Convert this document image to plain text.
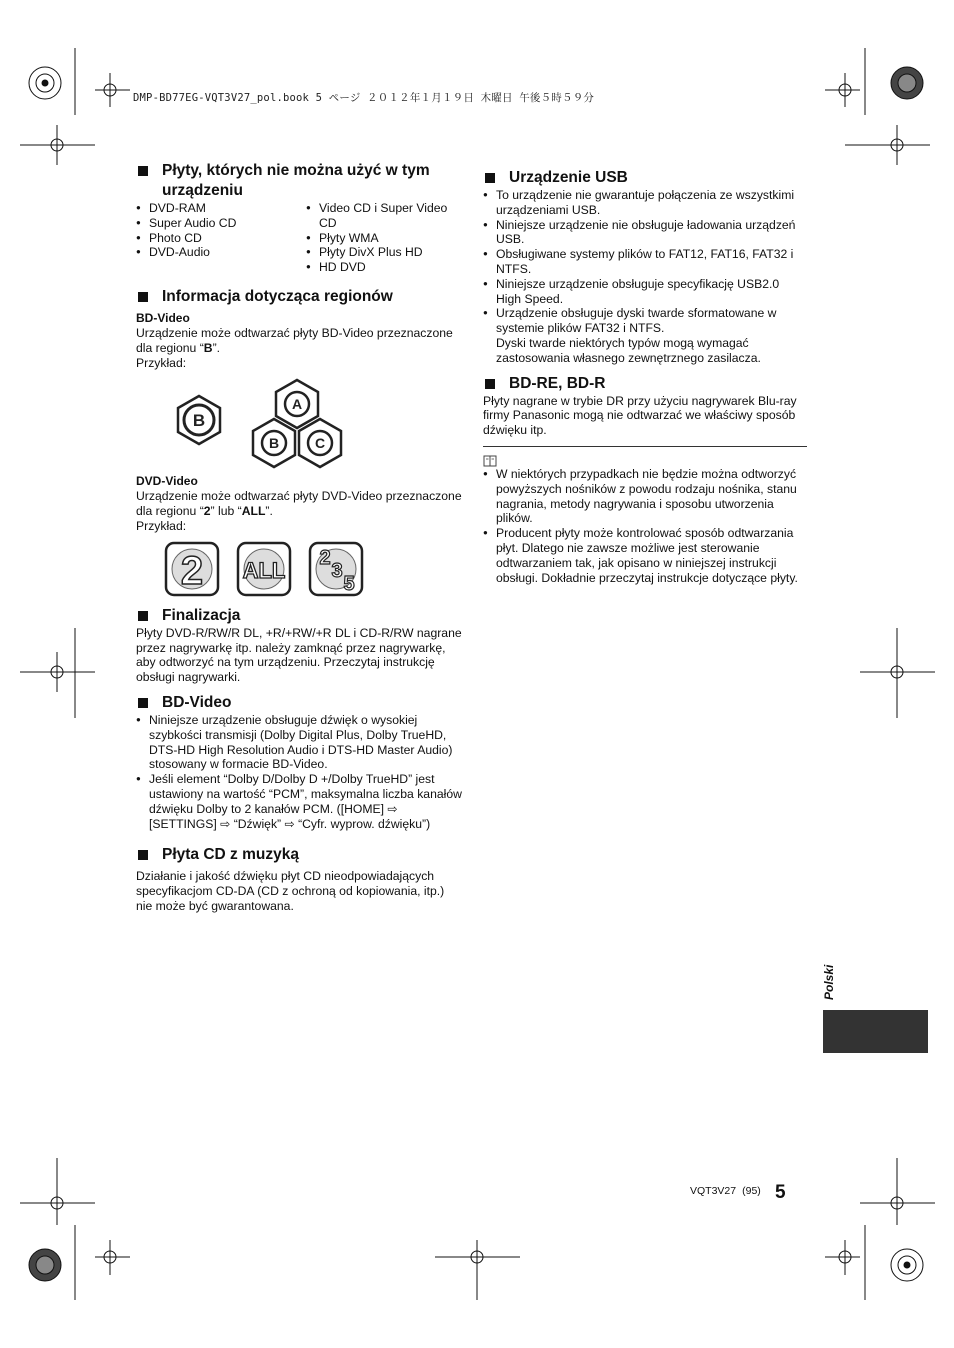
DMP-BD77EG-VQT3V27_pol.book 5 ページ ２０１２年１月１９日 木曜日 午後５時５９分
Płyty, których nie można użyć w tym urządzeniu
● DVD-RAM
● Super Audio CD
● Photo CD
● DVD-Audio
● Video CD i Super Video CD
● Płyty WMA
● Płyty DivX Plus HD
● HD DVD
Informacja dotycząca regionów

BD-Video

Urządzenie może odtwarzać płyty BD-Video przeznaczone dla regionu “B”.

Przykład:

B
A
B	C

DVD-Video

Urządzenie może odtwarzać płyty DVD-Video przeznaczone dla regionu “2” lub “ALL”.

Przykład:

2 ALL 2
3
5
Finalizacja

Płyty DVD-R/RW/R DL, +R/+RW/+R DL i CD-R/RW nagrane przez nagrywarkę itp. należy zamknąć przez nagrywarkę, aby odtworzyć na tym urządzeniu. Przeczytaj instrukcję obsługi nagrywarki.

BD-Video
● Niniejsze urządzenie obsługuje dźwięk o wysokiej szybkości transmisji (Dolby Digital Plus, Dolby TrueHD, DTS-HD High Resolution Audio i DTS-HD Master Audio) stosowany w formacie BD-Video.
● Jeśli element “Dolby D/Dolby D +/Dolby TrueHD” jest ustawiony na wartość “PCM”, maksymalna liczba kanałów dźwięku Dolby to 2 kanałów PCM. ([HOME] ⇨ [SETTINGS] ⇨ “Dźwięk” ⇨ “Cyfr. wyprow. dźwięku”)
Płyta CD z muzyką

Działanie i jakość dźwięku płyt CD nieodpowiadających specyfikacjom CD-DA (CD z ochroną od kopiowania, itp.) nie może być gwarantowana.

Urządzenie USB
● To urządzenie nie gwarantuje połączenia ze wszystkimi urządzeniami USB.
● Niniejsze urządzenie nie obsługuje ładowania urządzeń USB.
● Obsługiwane systemy plików to FAT12, FAT16, FAT32 i NTFS.
● Niniejsze urządzenie obsługuje specyfikację USB2.0 High Speed.
● Urządzenie obsługuje dyski twarde sformatowane w systemie plików FAT32 i NTFS.
Dyski twarde niektórych typów mogą wymagać zastosowania własnego zewnętrznego zasilacza.
BD-RE, BD-R

Płyty nagrane w trybie DR przy użyciu nagrywarek Blu-ray firmy Panasonic mogą nie odtwarzać we właściwy sposób dźwięku itp.

● W niektórych przypadkach nie będzie można odtworzyć powyższych nośników z powodu rodzaju nośnika, stanu nagrania, metody nagrywania i sposobu utworzenia plików.
● Producent płyty może kontrolować sposób odtwarzania płyt. Dlatego nie zawsze możliwe jest sterowanie odtwarzaniem tak, jak opisano w niniejszej instrukcji obsługi. Dokładnie przeczytaj instrukcje dotyczące płyty.
Polski
VQT3V27 (95) 5
